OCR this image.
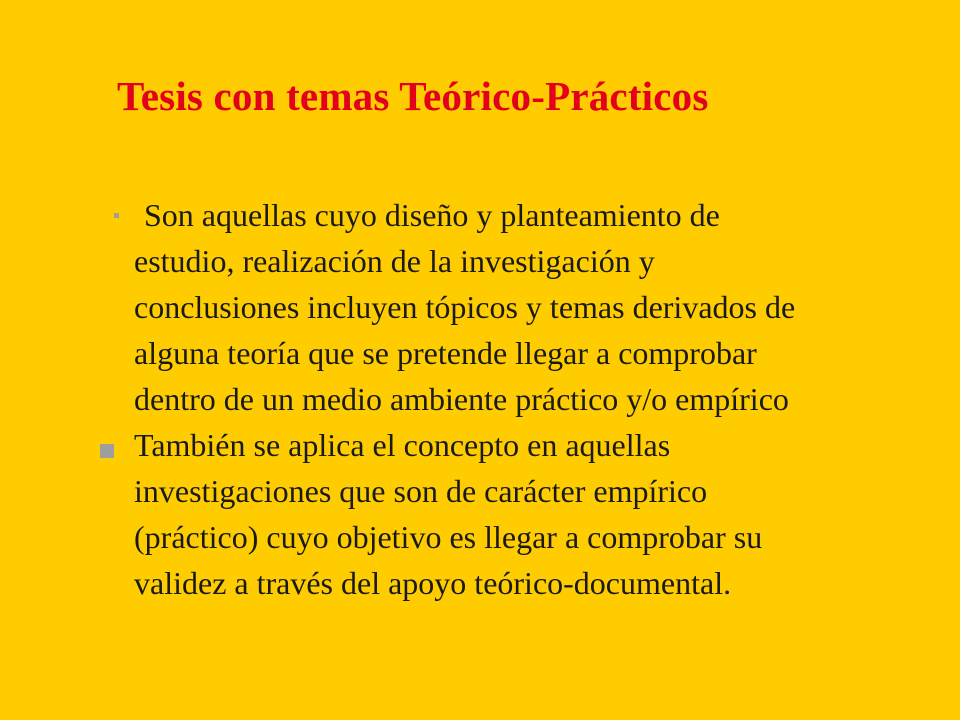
Tesis con temas Teórico-Prácticos
Son aquellas cuyo diseño y planteamiento de
estudio, realización de la investigación y
conclusiones incluyen tópicos y temas derivados de
alguna teoría que se pretende llegar a comprobar
dentro de un medio ambiente práctico y/o empírico
También se aplica el concepto en aquellas
investigaciones que son de carácter empírico
(práctico) cuyo objetivo es llegar a comprobar su
validez a través del apoyo teórico-documental.
